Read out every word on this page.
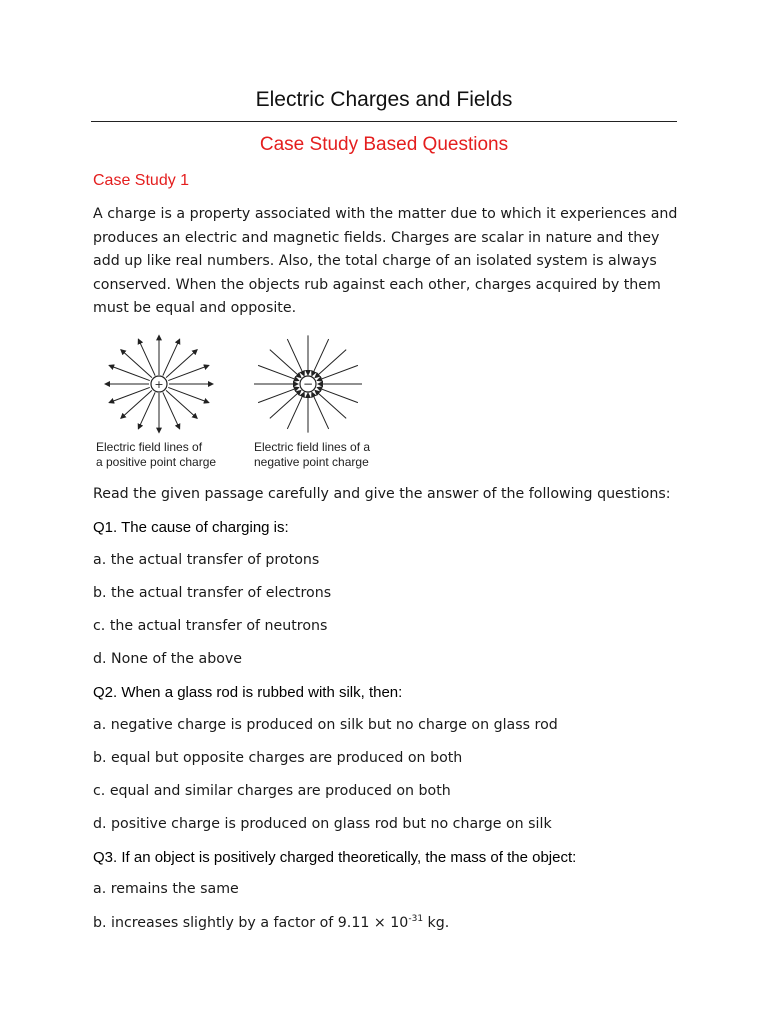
Electric Charges and Fields
Case Study Based Questions
Case Study 1
A charge is a property associated with the matter due to which it experiences and produces an electric and magnetic fields. Charges are scalar in nature and they add up like real numbers. Also, the total charge of an isolated system is always conserved. When the objects rub against each other, charges acquired by them must be equal and opposite.
+	−
Electric field lines of
a positive point charge
Electric field lines of a
negative point charge
Read the given passage carefully and give the answer of the following questions:
Q1. The cause of charging is:
a. the actual transfer of protons
b. the actual transfer of electrons
c. the actual transfer of neutrons
d. None of the above
Q2. When a glass rod is rubbed with silk, then:
a. negative charge is produced on silk but no charge on glass rod
b. equal but opposite charges are produced on both
c. equal and similar charges are produced on both
d. positive charge is produced on glass rod but no charge on silk
Q3. If an object is positively charged theoretically, the mass of the object:
a. remains the same
b. increases slightly by a factor of $9.11 \times 10^{-31}$ kg.
